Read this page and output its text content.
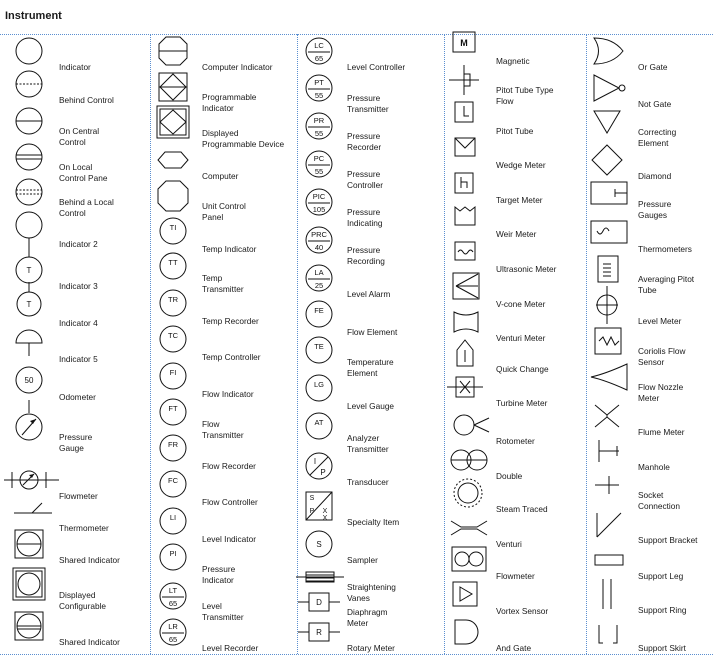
Instrument
Indicator
Behind Control
On Central
Control
On Local
Control Pane
Behind a Local
Control
Indicator 2
T
Indicator 3
T
Indicator 4
Indicator 5
50
Odometer
Pressure
Gauge
Flowmeter
Thermometer
Shared Indicator
Displayed
Configurable
Shared Indicator
Computer Indicator
Programmable
Indicator
Displayed
Programmable Device
Computer
Unit Control
Panel
TI
Temp Indicator
TT
Temp
Transmitter
TR
Temp Recorder
TC
Temp Controller
FI
Flow Indicator
FT
Flow
Transmitter
FR
Flow Recorder
FC
Flow Controller
LI
Level Indicator
PI
Pressure
Indicator
LT
65	Level
Transmitter
LR
65
Level Recorder
LC
65
Level Controller
PT
55	Pressure
Transmitter
PR
55	Pressure
Recorder
PC
55	Pressure
Controller
PIC
105	Pressure
Indicating
PRC
40	Pressure
Recording
LA
25
Level Alarm
FE
Flow Element
TE
Temperature
Element
LG
Level Gauge
AT
Analyzer
Transmitter
I
P
Transducer
S
P X
X Specialty Item
S
Sampler
Straightening
Vanes
D
Diaphragm
Meter
R
Rotary Meter
M
Magnetic
Pitot Tube Type
Flow
Pitot Tube
Wedge Meter
Target Meter
Weir Meter
Ultrasonic Meter
V-cone Meter
Venturi Meter
Quick Change
Turbine Meter
Rotometer
Double
Steam Traced
Venturi
Flowmeter
Vortex Sensor
And Gate
Or Gate
Not Gate
Correcting
Element
Diamond
Pressure
Gauges
Thermometers
Averaging Pitot
Tube
Level Meter
Coriolis Flow
Sensor
Flow Nozzle
Meter
Flume Meter
Manhole
Socket
Connection
Support Bracket
Support Leg
Support Ring
Support Skirt
